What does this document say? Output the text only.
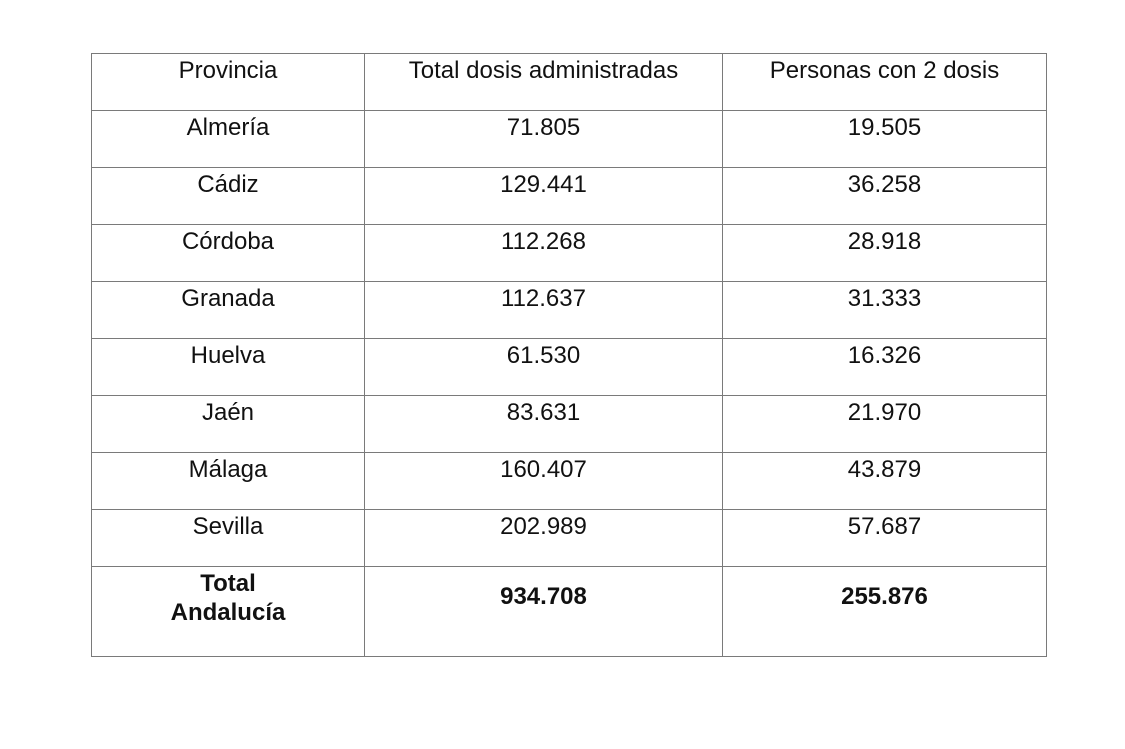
Provincia	Total dosis administradas	Personas con 2 dosis
Almería	71.805	19.505
Cádiz	129.441	36.258
Córdoba	112.268	28.918
Granada	112.637	31.333
Huelva	61.530	16.326
Jaén	83.631	21.970
Málaga	160.407	43.879
Sevilla	202.989	57.687
Total Andalucía	934.708	255.876
